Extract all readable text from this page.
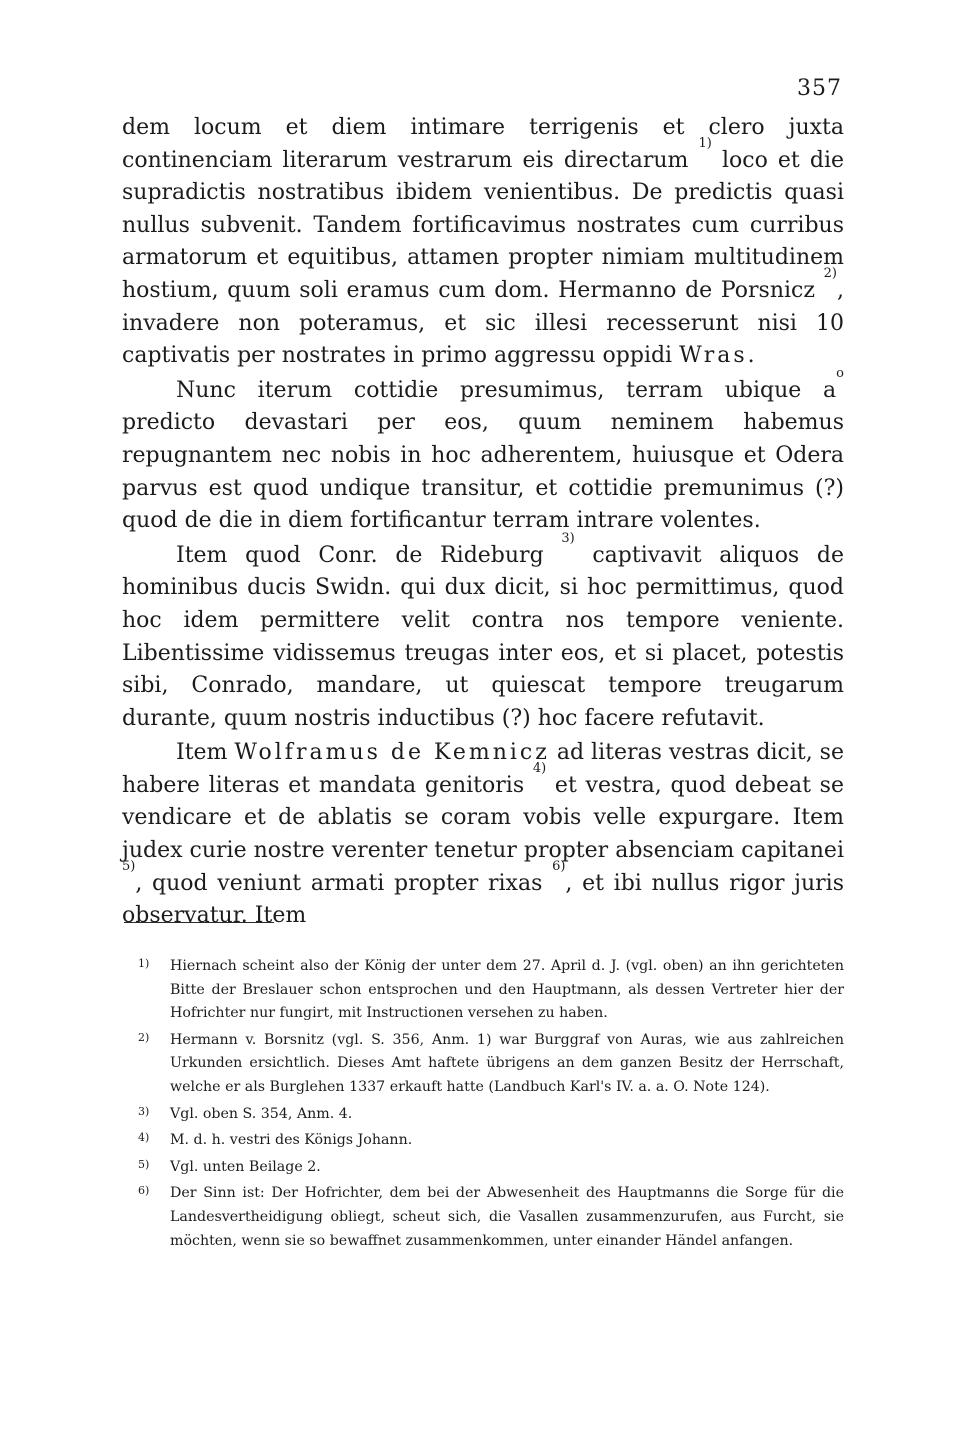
357

dem locum et diem intimare terrigenis et clero juxta continenciam literarum vestrarum eis directarum $^{1)}$ loco et die supradictis nostratibus ibidem venientibus. De predictis quasi nullus subvenit. Tandem fortificavimus nostrates cum curribus armatorum et equitibus, attamen propter nimiam multitudinem hostium, quum soli eramus cum dom. Hermanno de Porsnicz $^{2)}$, invadere non poteramus, et sic illesi recesserunt nisi 10 captivatis per nostrates in primo aggressu oppidi Wras.

Nunc iterum cottidie presumimus, terram ubique a$^o$ predicto devastari per eos, quum neminem habemus repugnantem nec nobis in hoc adherentem, huiusque et Odera parvus est quod undique transitur, et cottidie premunimus (?) quod de die in diem fortificantur terram intrare volentes.

Item quod Conr. de Rideburg $^{3)}$ captivavit aliquos de hominibus ducis Swidn. qui dux dicit, si hoc permittimus, quod hoc idem permittere velit contra nos tempore veniente. Libentissime vidissemus treugas inter eos, et si placet, potestis sibi, Conrado, mandare, ut quiescat tempore treugarum durante, quum nostris inductibus (?) hoc facere refutavit.

Item Wolframus de Kemnicz ad literas vestras dicit, se habere literas et mandata genitoris $^{4)}$ et vestra, quod debeat se vendicare et de ablatis se coram vobis velle expurgare. Item judex curie nostre verenter tenetur propter absenciam capitanei $^{5)}$, quod veniunt armati propter rixas $^{6)}$, et ibi nullus rigor juris observatur. Item

1)	Hiernach scheint also der König der unter dem 27. April d. J. (vgl. oben) an ihn gerichteten Bitte der Breslauer schon entsprochen und den Hauptmann, als dessen Vertreter hier der Hofrichter nur fungirt, mit Instructionen versehen zu haben.
2)	Hermann v. Borsnitz (vgl. S. 356, Anm. 1) war Burggraf von Auras, wie aus zahlreichen Urkunden ersichtlich. Dieses Amt haftete übrigens an dem ganzen Besitz der Herrschaft, welche er als Burglehen 1337 erkauft hatte (Landbuch Karl's IV. a. a. O. Note 124).
3)	Vgl. oben S. 354, Anm. 4.
4)	M. d. h. vestri des Königs Johann.
5)	Vgl. unten Beilage 2.
6)	Der Sinn ist: Der Hofrichter, dem bei der Abwesenheit des Hauptmanns die Sorge für die Landesvertheidigung obliegt, scheut sich, die Vasallen zusammenzurufen, aus Furcht, sie möchten, wenn sie so bewaffnet zusammenkommen, unter einander Händel anfangen.
